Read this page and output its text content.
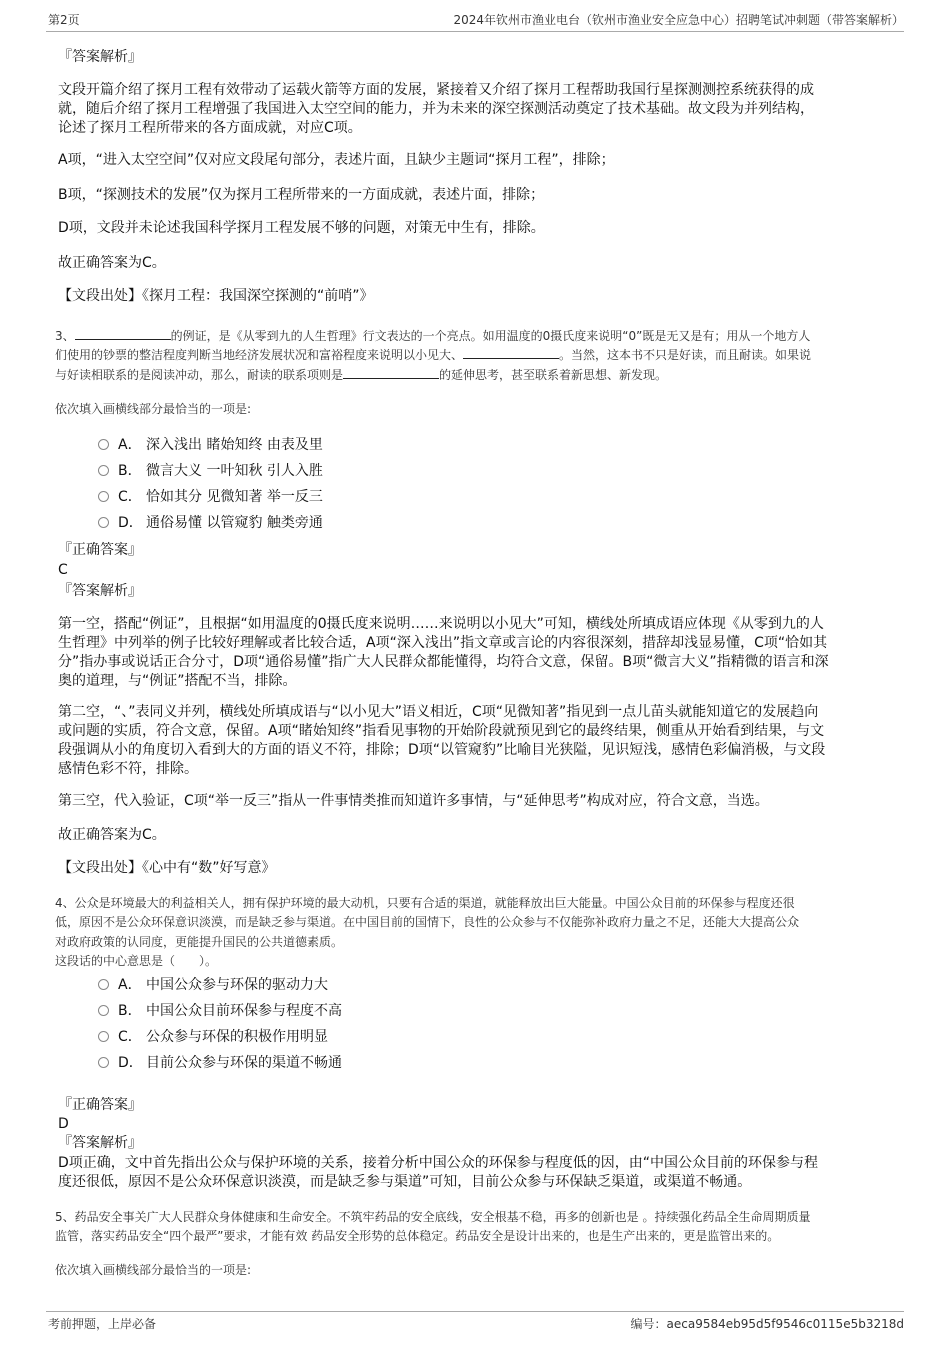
第2页	2024年钦州市渔业电台（钦州市渔业安全应急中心）招聘笔试冲刺题（带答案解析）
『答案解析』
文段开篇介绍了探月工程有效带动了运载火箭等方面的发展，紧接着又介绍了探月工程帮助我国行星探测测控系统获得的成
就，随后介绍了探月工程增强了我国进入太空空间的能力，并为未来的深空探测活动奠定了技术基础。故文段为并列结构，
论述了探月工程所带来的各方面成就，对应C项。
A项，“进入太空空间”仅对应文段尾句部分，表述片面，且缺少主题词“探月工程”，排除；
B项，“探测技术的发展”仅为探月工程所带来的一方面成就，表述片面，排除；
D项，文段并未论述我国科学探月工程发展不够的问题，对策无中生有，排除。
故正确答案为C。
【文段出处】《探月工程：我国深空探测的“前哨”》
3、	的例证，是《从零到九的人生哲理》行文表达的一个亮点。如用温度的0摄氏度来说明“0”既是无又是有；用从一个地方人
们使用的钞票的整洁程度判断当地经济发展状况和富裕程度来说明以小见大、	。当然，这本书不只是好读，而且耐读。如果说
与好读相联系的是阅读冲动，那么，耐读的联系项则是	的延伸思考，甚至联系着新思想、新发现。
依次填入画横线部分最恰当的一项是:
A． 深入浅出 睹始知终 由表及里
B． 微言大义 一叶知秋 引人入胜
C． 恰如其分 见微知著 举一反三
D． 通俗易懂 以管窥豹 触类旁通
『正确答案』
C
『答案解析』
第一空，搭配“例证”，且根据“如用温度的0摄氏度来说明……来说明以小见大”可知，横线处所填成语应体现《从零到九的人
生哲理》中列举的例子比较好理解或者比较合适，A项“深入浅出”指文章或言论的内容很深刻，措辞却浅显易懂，C项“恰如其
分”指办事或说话正合分寸，D项“通俗易懂”指广大人民群众都能懂得，均符合文意，保留。B项“微言大义”指精微的语言和深
奥的道理，与“例证”搭配不当，排除。
第二空，“、”表同义并列，横线处所填成语与“以小见大”语义相近，C项“见微知著”指见到一点儿苗头就能知道它的发展趋向
或问题的实质，符合文意，保留。A项“睹始知终”指看见事物的开始阶段就预见到它的最终结果，侧重从开始看到结果，与文
段强调从小的角度切入看到大的方面的语义不符，排除；D项“以管窥豹”比喻目光狭隘，见识短浅，感情色彩偏消极，与文段
感情色彩不符，排除。
第三空，代入验证，C项“举一反三”指从一件事情类推而知道许多事情，与“延伸思考”构成对应，符合文意，当选。
故正确答案为C。
【文段出处】《心中有“数”好写意》
4、公众是环境最大的利益相关人，拥有保护环境的最大动机，只要有合适的渠道，就能释放出巨大能量。中国公众目前的环保参与程度还很
低，原因不是公众环保意识淡漠，而是缺乏参与渠道。在中国目前的国情下，良性的公众参与不仅能弥补政府力量之不足，还能大大提高公众
对政府政策的认同度，更能提升国民的公共道德素质。
这段话的中心意思是（　　）。
A． 中国公众参与环保的驱动力大
B． 中国公众目前环保参与程度不高
C． 公众参与环保的积极作用明显
D． 目前公众参与环保的渠道不畅通
『正确答案』
D
『答案解析』
D项正确，文中首先指出公众与保护环境的关系，接着分析中国公众的环保参与程度低的因，由“中国公众目前的环保参与程
度还很低，原因不是公众环保意识淡漠，而是缺乏参与渠道”可知，目前公众参与环保缺乏渠道，或渠道不畅通。
5、药品安全事关广大人民群众身体健康和生命安全。不筑牢药品的安全底线，安全根基不稳，再多的创新也是 。持续强化药品全生命周期质量
监管，落实药品安全“四个最严”要求，才能有效 药品安全形势的总体稳定。药品安全是设计出来的，也是生产出来的，更是监管出来的。
依次填入画横线部分最恰当的一项是:
考前押题，上岸必备	编号：aeca9584eb95d5f9546c0115e5b3218d
